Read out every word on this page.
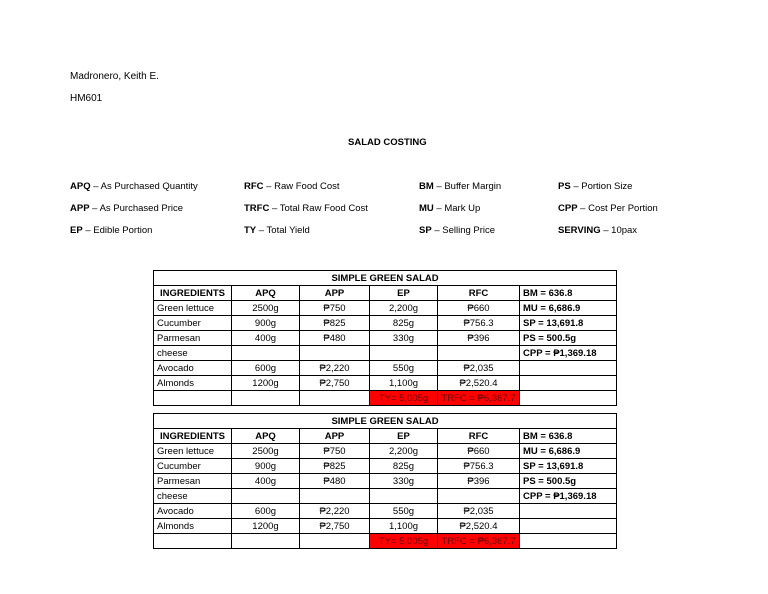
Madronero, Keith E.
HM601
SALAD COSTING
APQ – As Purchased Quantity
APP – As Purchased Price
EP – Edible Portion
RFC – Raw Food Cost
TRFC – Total Raw Food Cost
TY – Total Yield
BM – Buffer Margin
MU – Mark Up
SP – Selling Price
PS – Portion Size
CPP – Cost Per Portion
SERVING – 10pax
SIMPLE GREEN SALAD					
INGREDIENTS	APQ	APP	EP	RFC	BM = 636.8
Green lettuce	2500g	₱750	2,200g	₱660	MU = 6,686.9
Cucumber	900g	₱825	825g	₱756.3	SP = 13,691.8
Parmesan	400g	₱480	330g	₱396	PS = 500.5g
cheese					CPP = ₱1,369.18
Avocado	600g	₱2,220	550g	₱2,035	
Almonds	1200g	₱2,750	1,100g	₱2,520.4	
			TY= 5,005g	TRFC = ₱6,367.7	
SIMPLE GREEN SALAD					
INGREDIENTS	APQ	APP	EP	RFC	BM = 636.8
Green lettuce	2500g	₱750	2,200g	₱660	MU = 6,686.9
Cucumber	900g	₱825	825g	₱756.3	SP = 13,691.8
Parmesan	400g	₱480	330g	₱396	PS = 500.5g
cheese					CPP = ₱1,369.18
Avocado	600g	₱2,220	550g	₱2,035	
Almonds	1200g	₱2,750	1,100g	₱2,520.4	
			TY= 5,005g	TRFC = ₱6,367.7	
